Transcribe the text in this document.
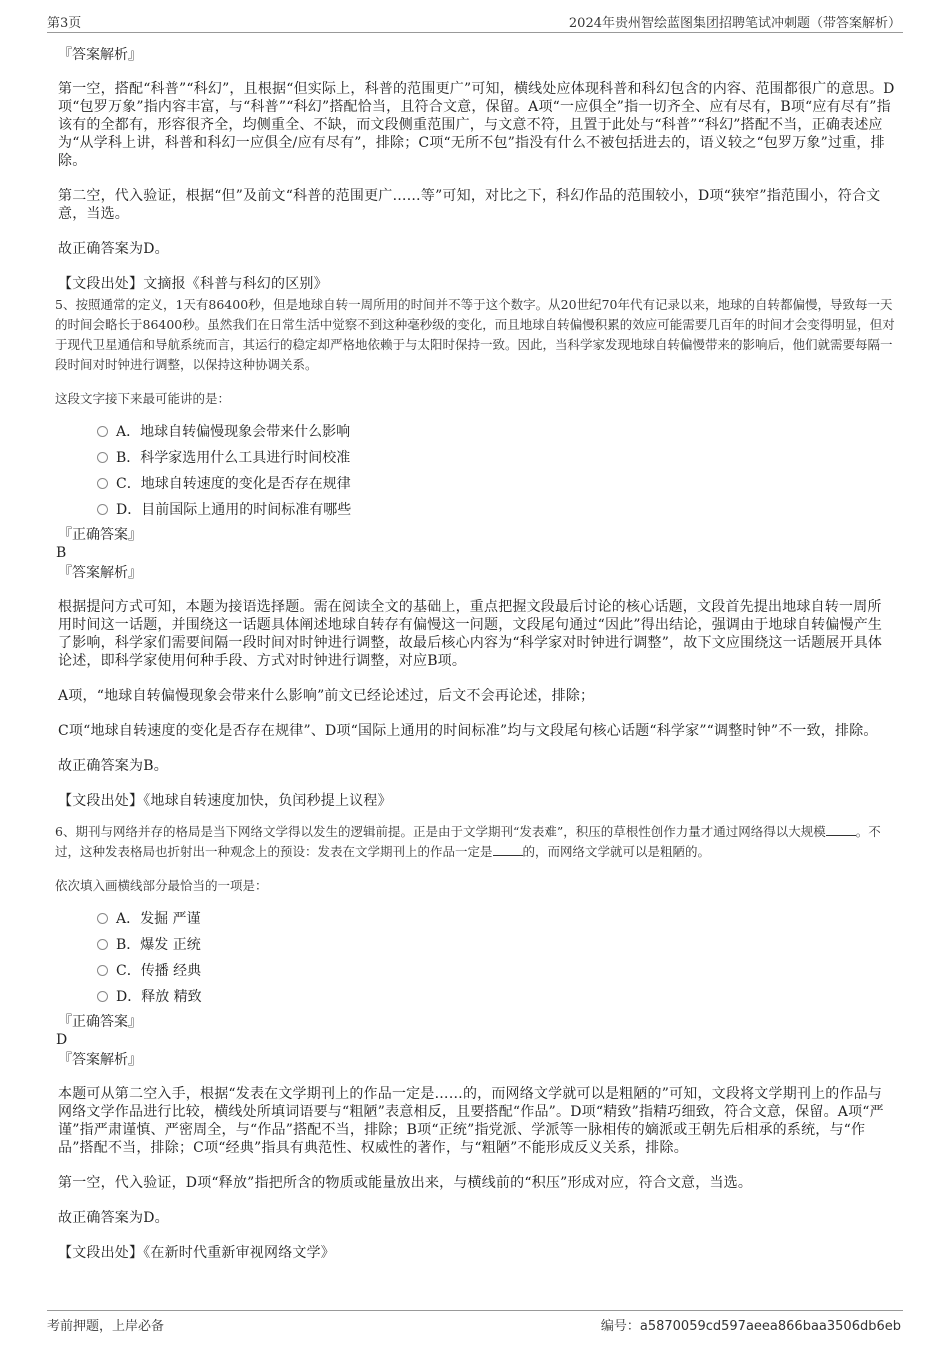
第3页	2024年贵州智绘蓝图集团招聘笔试冲刺题（带答案解析）
『答案解析』

第一空，搭配“科普”“科幻”，且根据“但实际上，科普的范围更广”可知，横线处应体现科普和科幻包含的内容、范围都很广的意思。D项“包罗万象”指内容丰富，与“科普”“科幻”搭配恰当，且符合文意，保留。A项“一应俱全”指一切齐全、应有尽有，B项“应有尽有”指该有的全都有，形容很齐全，均侧重全、不缺，而文段侧重范围广，与文意不符，且置于此处与“科普”“科幻”搭配不当，正确表述应为“从学科上讲，科普和科幻一应俱全/应有尽有”，排除；C项“无所不包”指没有什么不被包括进去的，语义较之“包罗万象”过重，排除。

第二空，代入验证，根据“但”及前文“科普的范围更广……等”可知，对比之下，科幻作品的范围较小，D项“狭窄”指范围小，符合文意，当选。

故正确答案为D。

【文段出处】文摘报《科普与科幻的区别》

5、按照通常的定义，1天有86400秒，但是地球自转一周所用的时间并不等于这个数字。从20世纪70年代有记录以来，地球的自转都偏慢，导致每一天的时间会略长于86400秒。虽然我们在日常生活中觉察不到这种毫秒级的变化，而且地球自转偏慢积累的效应可能需要几百年的时间才会变得明显，但对于现代卫星通信和导航系统而言，其运行的稳定却严格地依赖于与太阳时保持一致。因此，当科学家发现地球自转偏慢带来的影响后，他们就需要每隔一段时间对时钟进行调整，以保持这种协调关系。

这段文字接下来最可能讲的是：

A．地球自转偏慢现象会带来什么影响
B．科学家选用什么工具进行时间校准
C．地球自转速度的变化是否存在规律
D．目前国际上通用的时间标准有哪些
『正确答案』
B
『答案解析』

根据提问方式可知，本题为接语选择题。需在阅读全文的基础上，重点把握文段最后讨论的核心话题，文段首先提出地球自转一周所用时间这一话题，并围绕这一话题具体阐述地球自转存有偏慢这一问题，文段尾句通过“因此”得出结论，强调由于地球自转偏慢产生了影响，科学家们需要间隔一段时间对时钟进行调整，故最后核心内容为“科学家对时钟进行调整”，故下文应围绕这一话题展开具体论述，即科学家使用何种手段、方式对时钟进行调整，对应B项。

A项，“地球自转偏慢现象会带来什么影响”前文已经论述过，后文不会再论述，排除；

C项“地球自转速度的变化是否存在规律”、D项“国际上通用的时间标准”均与文段尾句核心话题“科学家”“调整时钟”不一致，排除。

故正确答案为B。

【文段出处】《地球自转速度加快，负闰秒提上议程》

6、期刊与网络并存的格局是当下网络文学得以发生的逻辑前提。正是由于文学期刊“发表难”，积压的草根性创作力量才通过网络得以大规模 。不过，这种发表格局也折射出一种观念上的预设：发表在文学期刊上的作品一定是 的，而网络文学就可以是粗陋的。

依次填入画横线部分最恰当的一项是：

A．发掘 严谨
B．爆发 正统
C．传播 经典
D．释放 精致
『正确答案』
D
『答案解析』

本题可从第二空入手，根据“发表在文学期刊上的作品一定是……的，而网络文学就可以是粗陋的”可知，文段将文学期刊上的作品与网络文学作品进行比较，横线处所填词语要与“粗陋”表意相反，且要搭配“作品”。D项“精致”指精巧细致，符合文意，保留。A项“严谨”指严肃谨慎、严密周全，与“作品”搭配不当，排除；B项“正统”指党派、学派等一脉相传的嫡派或王朝先后相承的系统，与“作品”搭配不当，排除；C项“经典”指具有典范性、权威性的著作，与“粗陋”不能形成反义关系，排除。

第一空，代入验证，D项“释放”指把所含的物质或能量放出来，与横线前的“积压”形成对应，符合文意，当选。

故正确答案为D。

【文段出处】《在新时代重新审视网络文学》

考前押题，上岸必备	编号：a5870059cd597aeea866baa3506db6eb
